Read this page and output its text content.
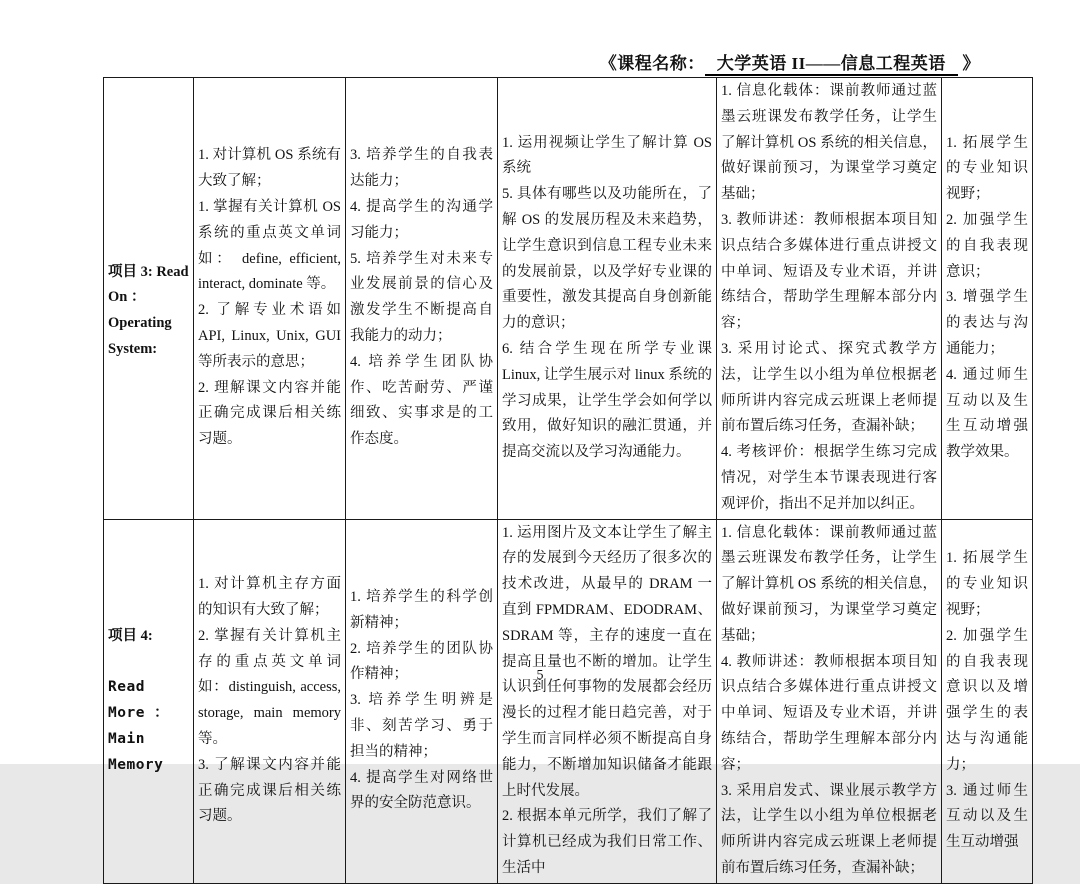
《课程名称： 大学英语 II——信息工程英语 》

项目 3: Read
On ：
Operating
System:
	1. 对计算机 OS 系统有大致了解；
1. 掌握有关计算机 OS 系统的重点英文单词如： define, efficient, interact, dominate 等。
2. 了解专业术语如 API, Linux, Unix, GUI 等所表示的意思；
2. 理解课文内容并能正确完成课后相关练习题。	3. 培养学生的自我表达能力；
4. 提高学生的沟通学习能力；
5. 培养学生对未来专业发展前景的信心及激发学生不断提高自我能力的动力；
4. 培养学生团队协作、吃苦耐劳、严谨细致、实事求是的工作态度。	1. 运用视频让学生了解计算 OS 系统
5. 具体有哪些以及功能所在，了解 OS 的发展历程及未来趋势，让学生意识到信息工程专业未来的发展前景，以及学好专业课的重要性，激发其提高自身创新能力的意识；
6. 结合学生现在所学专业课 Linux, 让学生展示对 linux 系统的学习成果，让学生学会如何学以致用，做好知识的融汇贯通，并提高交流以及学习沟通能力。	1. 信息化载体：课前教师通过蓝墨云班课发布教学任务，让学生了解计算机 OS 系统的相关信息，做好课前预习，为课堂学习奠定基础；
3. 教师讲述：教师根据本项目知识点结合多媒体进行重点讲授文中单词、短语及专业术语，并讲练结合，帮助学生理解本部分内容；
3. 采用讨论式、探究式教学方法，让学生以小组为单位根据老师所讲内容完成云班课上老师提前布置后练习任务，查漏补缺；
4. 考核评价：根据学生练习完成情况，对学生本节课表现进行客观评价，指出不足并加以纠正。	1. 拓展学生的专业知识视野；
2. 加强学生的自我表现意识；
3. 增强学生的表达与沟通能力；
4. 通过师生互动以及生生互动增强教学效果。

项目 4:

Read More ：
Main Memory	1. 对计算机主存方面的知识有大致了解；
2. 掌握有关计算机主存的重点英文单词如：distinguish, access, storage, main memory 等。
3. 了解课文内容并能正确完成课后相关练习题。	1. 培养学生的科学创新精神；
2. 培养学生的团队协作精神；
3. 培养学生明辨是非、刻苦学习、勇于担当的精神；
4. 提高学生对网络世界的安全防范意识。	1. 运用图片及文本让学生了解主存的发展到今天经历了很多次的技术改进，从最早的 DRAM 一直到 FPMDRAM、EDODRAM、SDRAM 等，主存的速度一直在提高且量也不断的增加。让学生认识到任何事物的发展都会经历漫长的过程才能日趋完善，对于学生而言同样必须不断提高自身能力，不断增加知识储备才能跟上时代发展。
2. 根据本单元所学，我们了解了计算机已经成为我们日常工作、生活中	1. 信息化载体：课前教师通过蓝墨云班课发布教学任务，让学生了解计算机 OS 系统的相关信息，做好课前预习，为课堂学习奠定基础；
4. 教师讲述：教师根据本项目知识点结合多媒体进行重点讲授文中单词、短语及专业术语，并讲练结合，帮助学生理解本部分内容；
3. 采用启发式、课业展示教学方法，让学生以小组为单位根据老师所讲内容完成云班课上老师提前布置后练习任务，查漏补缺；	1. 拓展学生的专业知识视野；
2. 加强学生的自我表现意识以及增强学生的表达与沟通能力；
3. 通过师生互动以及生生互动增强
5
